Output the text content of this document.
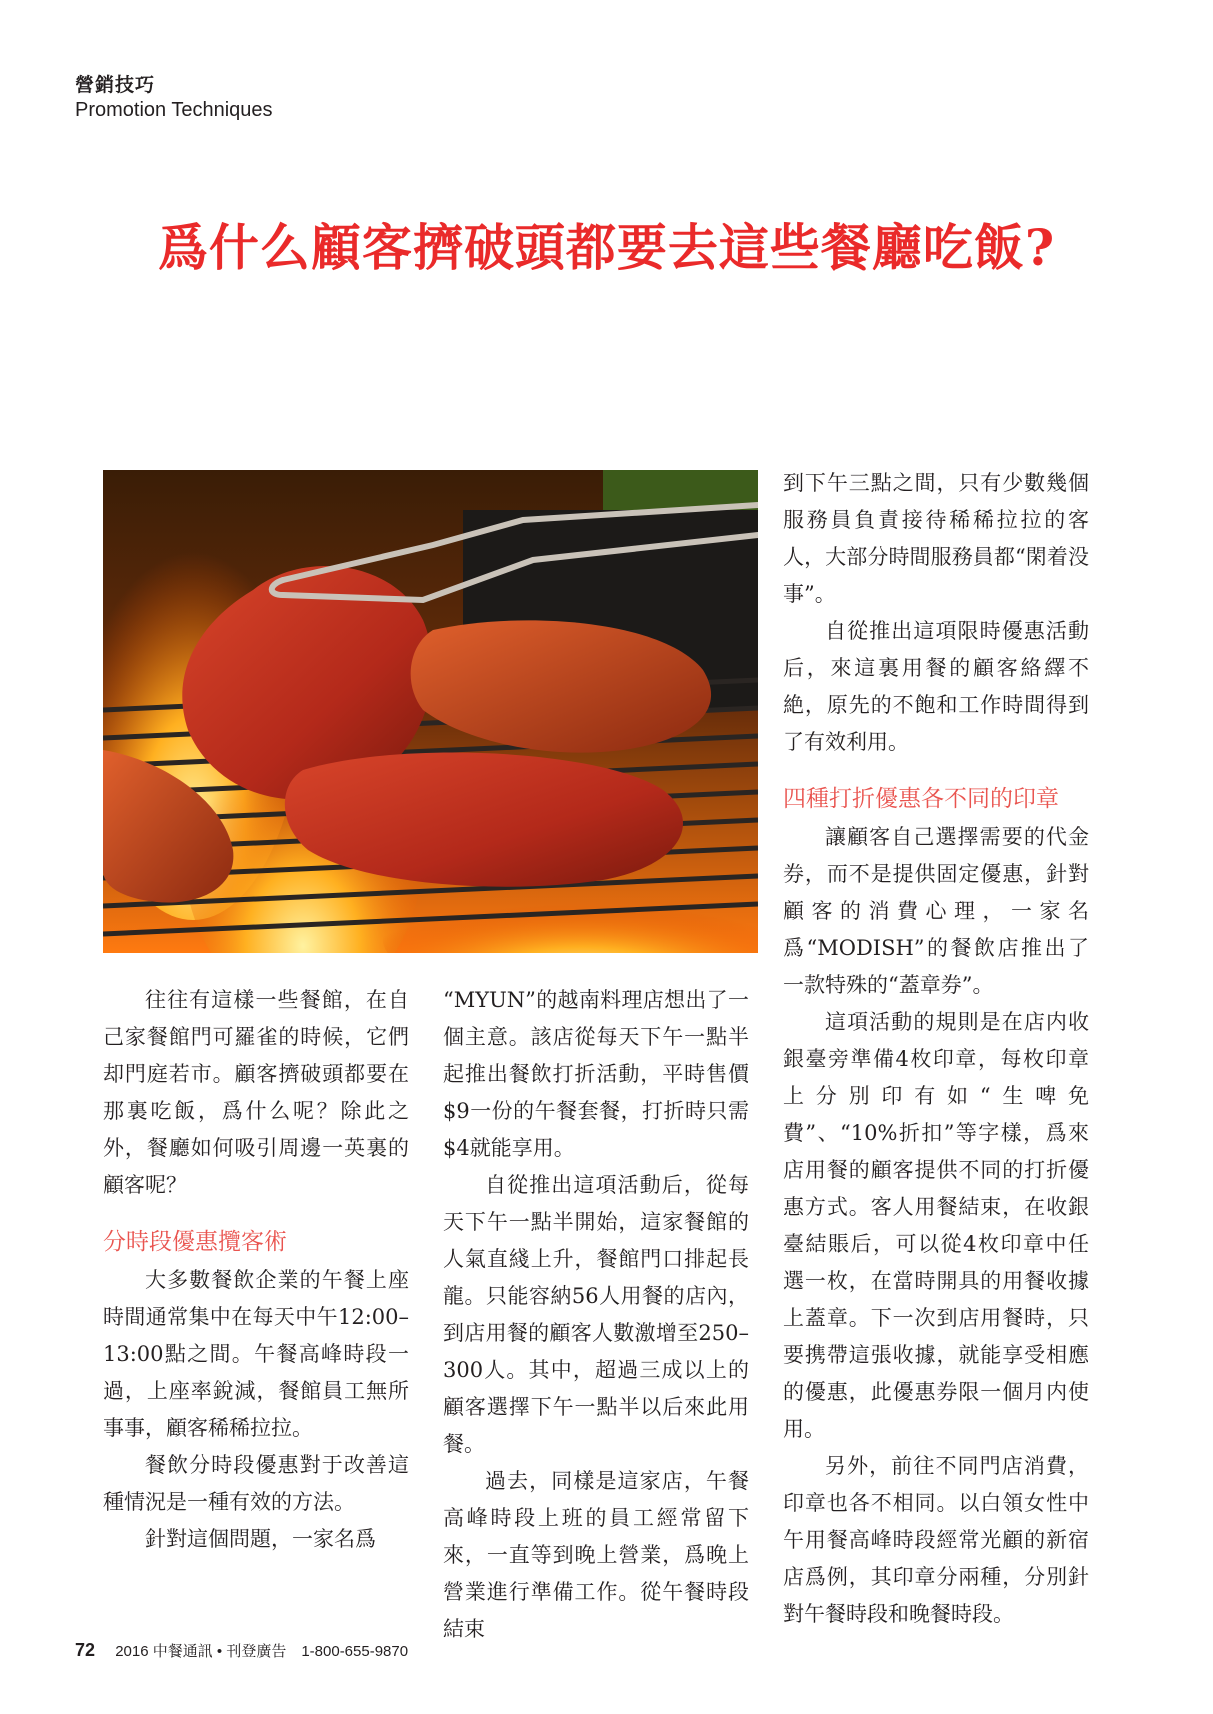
營銷技巧
Promotion Techniques
爲什么顧客擠破頭都要去這些餐廳吃飯?

往往有這樣一些餐館，在自己家餐館門可羅雀的時候，它們却門庭若市。顧客擠破頭都要在那裏吃飯，爲什么呢？除此之外，餐廳如何吸引周邊一英裏的顧客呢？

分時段優惠攬客術

大多數餐飲企業的午餐上座時間通常集中在每天中午12:00–13:00點之間。午餐高峰時段一過，上座率銳減，餐館員工無所事事，顧客稀稀拉拉。

餐飲分時段優惠對于改善這種情況是一種有效的方法。

針對這個問題，一家名爲

“MYUN”的越南料理店想出了一個主意。該店從每天下午一點半起推出餐飲打折活動，平時售價$9一份的午餐套餐，打折時只需$4就能享用。

自從推出這項活動后，從每天下午一點半開始，這家餐館的人氣直綫上升，餐館門口排起長龍。只能容納56人用餐的店內，到店用餐的顧客人數激增至250–300人。其中，超過三成以上的顧客選擇下午一點半以后來此用餐。

過去，同樣是這家店，午餐高峰時段上班的員工經常留下來，一直等到晚上營業，爲晚上營業進行準備工作。從午餐時段結束

到下午三點之間，只有少數幾個服務員負責接待稀稀拉拉的客人，大部分時間服務員都“閑着没事”。

自從推出這項限時優惠活動后，來這裏用餐的顧客絡繹不絶，原先的不飽和工作時間得到了有效利用。

四種打折優惠各不同的印章

讓顧客自己選擇需要的代金券，而不是提供固定優惠，針對顧客的消費心理，一家名爲“MODISH”的餐飲店推出了一款特殊的“蓋章券”。

這項活動的規則是在店内收銀臺旁準備4枚印章，每枚印章上分別印有如“生啤免費”、“10%折扣”等字樣，爲來店用餐的顧客提供不同的打折優惠方式。客人用餐結束，在收銀臺結賬后，可以從4枚印章中任選一枚，在當時開具的用餐收據上蓋章。下一次到店用餐時，只要携帶這張收據，就能享受相應的優惠，此優惠券限一個月内使用。

另外，前往不同門店消費，印章也各不相同。以白領女性中午用餐高峰時段經常光顧的新宿店爲例，其印章分兩種，分別針對午餐時段和晚餐時段。

72 2016 中餐通訊 • 刊登廣告　1-800-655-9870
